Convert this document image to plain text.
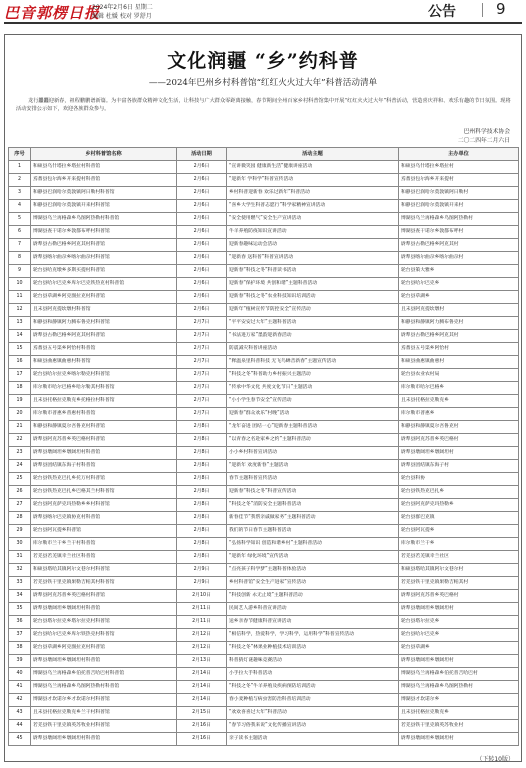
巴音郭楞日报
2024年2月6日 星期二
编辑 杜媛 校对 罗舒月	公告	9
文化润疆 “乡”约科普
——2024年巴州乡村科普馆“红红火火过大年”科普活动清单

龙行龘龘迎新春，祖程鹏鹏谱新篇。为丰富各族群众精神文化生活，让科技与广大群众零距离接触，春节期间全州百家乡村科普馆集中开展“红红火火过大年”科普活动，营造喜庆祥和、欢乐有趣的节日氛围。现将活动安排公示如下，欢迎各族群众参与。

巴州科学技术协会
二〇二四年二月六日
序号	乡村科普馆名称	活动日期	活动主题	主办单位
1	和硕县乌什塔拉乡塔拉村科普馆	2月6日	“宣讲微笑园 健康新生活”健康讲座活动	和硕县乌什塔拉乡塔拉村
2	焉耆县包尔海乡开来提村科普馆	2月6日	“迎新年 学科学”科普宣传活动	焉耆县包尔海乡开来提村
3	和静县巴润哈尔莫敦镇阿日勒村科普馆	2月6日	乡村科普迎新春 欢乐过新年”科普活动	和静县巴润哈尔莫敦镇阿日勒村
4	和静县巴润哈尔莫敦镇开来村科普馆	2月6日	“喜乡大学生科普志愿行”科学家精神宣讲活动	和静县巴润哈尔莫敦镇开来村
5	博湖县乌兰再格森乡乌图阿热勒村科普馆	2月6日	“安全使用燃气”安全生产宣讲活动	博湖县乌兰再格森乡乌图阿热勒村
6	博湖县查干诺尔乡敦都布呼村科普馆	2月6日	牛羊养殖防疫知识宣讲活动	博湖县查干诺尔乡敦都布呼村
7	尉犁县古勒巴格乡阿克其村科普馆	2月6日	迎新春趣味运动会活动	尉犁县古勒巴格乡阿克其村
8	尉犁县喀尔曲尕乡喀尔曲尕村科普馆	2月6日	“迎新春 送科普”科普宣讲活动	尉犁县喀尔曲尕乡喀尔曲尕村
9	轮台县哈克墩乡多斯买提村科普馆	2月6日	迎新春“科技之冬”科普读书活动	轮台县策大雅乡
10	轮台县哈尔巴克乡库尔巴克铁热克村科普馆	2月6日	迎新春“保护环境 共创和谐”主题科普活动	轮台县哈尔巴克乡
11	轮台县草湖乡阿克图拉克村科普馆	2月6日	迎新春“科技之冬”农业科技知识培训活动	轮台县草湖乡
12	且末县阿克提坎墩村科普馆	2月6日	迎新年“植树宣传节防控安全”宣传活动	且末县阿克提坎墩村
13	和静县和静镇阿力腾布鲁克村科普馆	2月7日	“平平安安过大年”主题科普活动	和静县和静镇阿力腾布鲁克村
14	尉犁县古勒巴格乡阿克其村科普馆	2月7日	“书法进万家”墨韵迎新春活动	尉犁县古勒巴格乡阿克其村
15	焉耆县五号渠乡阿恰村科普馆	2月7日	防震减灾科普讲座活动	焉耆县五号渠乡阿恰村
16	和硕县曲惠镇曲惠村科普馆	2月7日	“释温泉里科普科技 无飞鸟蝉音新春”主题宣传活动	和硕县曲惠镇曲惠村
17	轮台县哈尔拉克乡喀尔勒克村科普馆	2月7日	“科技之冬”科普助力乡村振兴主题活动	轮台县农业农村局
18	库尔勒市哈尔巴格乡哈尔勒其村科普馆	2月7日	“传承中华文化 共度文化节日”主题活动	库尔勒市哈尔巴格乡
19	且末县托格拉克勒克乡托格拉村科普馆	2月7日	“小小学生春节安全”宣传活动	且末县托格拉克勒克乡
20	库尔勒市普惠乡普惠村科普馆	2月7日	迎新春“群众欢乐”村晚”活动	库尔勒市普惠乡
21	和静县和静镇夏尔吾鲁克村科普馆	2月8日	“龙年奋进 团结一心”迎新春主题科普活动	和静县和静镇夏尔吾鲁克村
22	尉犁县阿克苏普乡英巴格村科普馆	2月8日	“以青春之名赴家乡之约”主题科普活动	尉犁县阿克苏普乡英巴格村
23	尉犁县墩阔坦乡墩阔坦村科普馆	2月8日	小小乡村科普宣讲活动	尉犁县墩阔坦乡墩阔坦村
24	尉犁县团结镇东海子村科普馆	2月8日	“迎新年 欢度新春”主题活动	尉犁县团结镇东海子村
25	轮台县铁热克巴扎乡托万村科普馆	2月8日	春节主题科普宣传活动	轮台县科协
26	轮台县铁热克巴扎乡巴格其兰村科普馆	2月8日	迎新春“科技之冬”科普宣传活动	轮台县铁热克巴扎乡
27	轮台县阿克萨克玛热勒乡乡村科普馆	2月8日	“科技之冬”消防安全主题科普活动	轮台县阿克萨克玛热勒乡
28	尉犁县喀尔巴克镇协克村科普馆	2月8日	新春佳节“我帮亲戚做家务”主题科普活动	轮台县群巴克镇
29	轮台县阿瓦提乡科普馆	2月8日	我们的节日春节主题科普活动	轮台县阿瓦提乡
30	库尔勒市兰干乡兰干村科普馆	2月8日	“弘扬科学知识 创造和谐乡村”主题科普活动	库尔勒市兰干乡
31	若羌县若羌镇幸兰社区科普馆	2月8日	“迎新年 绿化环境”宣传活动	若羌县若羌镇幸兰社区
32	和硕县塔哈其镇阿尔文巷尔村科普馆	2月9日	“点亮孩子科学梦”主题科普体验活动	和硕县塔哈其镇阿尔文巷尔村
33	若羌县铁干里克镇果勒吉帕其村科普馆	2月9日	乡村科普馆“安全生产进家”宣传活动	若羌县铁干里克镇果勒吉帕其村
34	尉犁县阿克苏普乡英巴格村科普馆	2月10日	“科技创新 永无止境”主题科普活动	尉犁县阿克苏普乡英巴格村
35	尉犁县墩阔坦乡墩阔坦村科普馆	2月11日	民间艺人游乡科普宣讲活动	尉犁县墩阔坦乡墩阔坦村
36	轮台县塔尔拉克乡塔尔拉克村科普馆	2月11日	送乡亲春节健康科普宣讲活动	轮台县塔尔拉克乡
37	轮台县哈尔巴克乡库尔铁热克村科普馆	2月12日	“相信科学，热爱科学，学习科学，运用科学”科普宣传活动	轮台县哈尔巴克乡
38	轮台县草湖乡阿克图拉克村科普馆	2月12日	“科技之冬”林果业种植技术培训活动	轮台县草湖乡
39	尉犁县墩阔坦乡墩阔坦村科普馆	2月13日	科普猜灯谜趣味竞赛活动	尉犁县墩阔坦乡墩阔坦村
40	博湖县乌兰再格森乡伯托普吉哈巴村科普馆	2月14日	小手拉大手科普活动	博湖县乌兰再格森乡伯托普吉哈巴村
41	博湖县乌兰再格森乡乌图阿热勒村科普馆	2月14日	“科技之冬”牛羊养殖及疾病预防培训活动	博湖县乌兰再格森乡乌图阿热勒村
42	博湖县才坎诺尔乡才坎诺尔村科普馆	2月14日	春小麦种植与病虫害防治科普培训活动	博湖县才坎诺尔乡
43	且末县托格拉克勒克乡兰干村科普馆	2月15日	“欢欢喜喜过大年”科普活动	且末县托格拉克勒克乡
44	若羌县铁干里克镇英苏牧业村科普馆	2月16日	“春节习俗我来说”文化传播宣讲活动	若羌县铁干里克镇英苏牧业村
45	尉犁县墩阔坦乡墩阔坦村科普馆	2月16日	亲子读书主题活动	尉犁县墩阔坦乡墩阔坦村
（下转10版）
